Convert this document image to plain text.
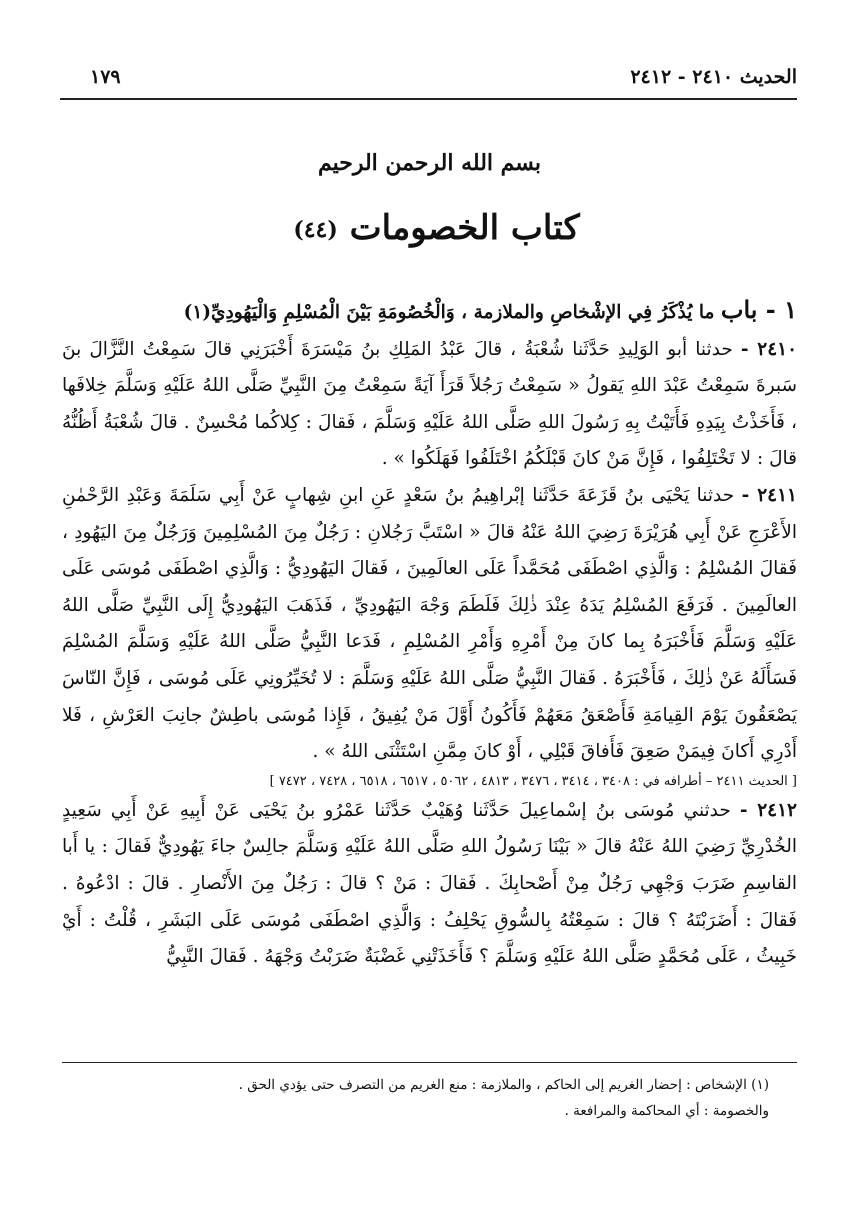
الحديث ٢٤١٠ - ٢٤١٢
١٧٩
بسم الله الرحمن الرحيم
كتاب الخصومات (٤٤)

١ - باب ما يُذْكَرُ فِي الإشْخاصِ والملازمة ، وَالْخُصُومَةِ بَيْنَ الْمُسْلِمِ وَالْيَهُودِيِّ(١)

٢٤١٠ - حدثنا أبو الوَلِيدِ حَدَّثَنا شُعْبَةُ ، قالَ عَبْدُ المَلِكِ بنُ مَيْسَرَةَ أَخْبَرَنِي قالَ سَمِعْتُ النَّزَّالَ بنَ سَبرةَ سَمِعْتُ عَبْدَ اللهِ يَقولُ « سَمِعْتُ رَجُلاً قَرَأَ آيَةً سَمِعْتُ مِنَ النَّبِيِّ صَلَّى اللهُ عَلَيْهِ وَسَلَّمَ خِلافَها ، فَأَخَذْتُ بِيَدِهِ فَأَتَيْتُ بِهِ رَسُولَ اللهِ صَلَّى اللهُ عَلَيْهِ وَسَلَّمَ ، فَقالَ : كِلاكُما مُحْسِنٌ . قالَ شُعْبَةُ أَظُنُّهُ قالَ : لا تَخْتَلِفُوا ، فَإِنَّ مَنْ كانَ قَبْلَكُمُ اخْتَلَفُوا فَهَلَكُوا » .

٢٤١١ - حدثنا يَحْيَى بنُ قَزَعَةَ حَدَّثَنا إبْراهِيمُ بنُ سَعْدٍ عَنِ ابنِ شِهابٍ عَنْ أَبِي سَلَمَةَ وَعَبْدِ الرَّحْمٰنِ الأَعْرَجِ عَنْ أَبِي هُرَيْرَةَ رَضِيَ اللهُ عَنْهُ قالَ « اسْتَبَّ رَجُلانِ : رَجُلٌ مِنَ المُسْلِمِينَ وَرَجُلٌ مِنَ اليَهُودِ ، فَقالَ المُسْلِمُ : وَالَّذِي اصْطَفَى مُحَمَّداً عَلَى العالَمِينَ ، فَقالَ اليَهُودِيُّ : وَالَّذِي اصْطَفَى مُوسَى عَلَى العالَمِينَ . فَرَفَعَ المُسْلِمُ يَدَهُ عِنْدَ ذٰلِكَ فَلَطَمَ وَجْهَ اليَهُودِيِّ ، فَذَهَبَ اليَهُودِيُّ إِلَى النَّبِيِّ صَلَّى اللهُ عَلَيْهِ وَسَلَّمَ فَأَخْبَرَهُ بِما كانَ مِنْ أَمْرِهِ وَأَمْرِ المُسْلِمِ ، فَدَعا النَّبِيُّ صَلَّى اللهُ عَلَيْهِ وَسَلَّمَ المُسْلِمَ فَسَأَلَهُ عَنْ ذٰلِكَ ، فَأَخْبَرَهُ . فَقالَ النَّبِيُّ صَلَّى اللهُ عَلَيْهِ وَسَلَّمَ : لا تُخَيِّرُونِي عَلَى مُوسَى ، فَإِنَّ النّاسَ يَصْعَقُونَ يَوْمَ القِيامَةِ فَأَصْعَقُ مَعَهُمْ فَأَكُونُ أَوَّلَ مَنْ يُفِيقُ ، فَإِذا مُوسَى باطِشٌ جانِبَ العَرْشِ ، فَلا أَدْرِي أَكانَ فِيمَنْ صَعِقَ فَأَفاقَ قَبْلِي ، أَوْ كانَ مِمَّنِ اسْتَثْنَى اللهُ » .

[ الحديث ٢٤١١ – أطرافه في : ٣٤٠٨ ، ٣٤١٤ ، ٣٤٧٦ ، ٤٨١٣ ، ٥٠٦٢ ، ٦٥١٧ ، ٦٥١٨ ، ٧٤٢٨ ، ٧٤٧٢ ]

٢٤١٢ - حدثني مُوسَى بنُ إسْماعِيلَ حَدَّثَنا وُهَيْبٌ حَدَّثَنا عَمْرُو بنُ يَحْيَى عَنْ أَبِيهِ عَنْ أَبِي سَعِيدٍ الخُدْرِيِّ رَضِيَ اللهُ عَنْهُ قالَ « بَيْنَا رَسُولُ اللهِ صَلَّى اللهُ عَلَيْهِ وَسَلَّمَ جالِسٌ جاءَ يَهُودِيٌّ فَقالَ : يا أَبا القاسِمِ ضَرَبَ وَجْهِي رَجُلٌ مِنْ أَصْحابِكَ . فَقالَ : مَنْ ؟ قالَ : رَجُلٌ مِنَ الأَنْصارِ . قالَ : ادْعُوهُ . فَقالَ : أَضَرَبْتَهُ ؟ قالَ : سَمِعْتُهُ بِالسُّوقِ يَحْلِفُ : وَالَّذِي اصْطَفَى مُوسَى عَلَى البَشَرِ ، قُلْتُ : أَيْ خَبِيثُ ، عَلَى مُحَمَّدٍ صَلَّى اللهُ عَلَيْهِ وَسَلَّمَ ؟ فَأَخَذَتْنِي غَضْبَةٌ ضَرَبْتُ وَجْهَهُ . فَقالَ النَّبِيُّ

(١) الإشخاص : إحضار الغريم إلى الحاكم ، والملازمة : منع الغريم من التصرف حتى يؤدي الحق .

والخصومة : أي المحاكمة والمرافعة .
